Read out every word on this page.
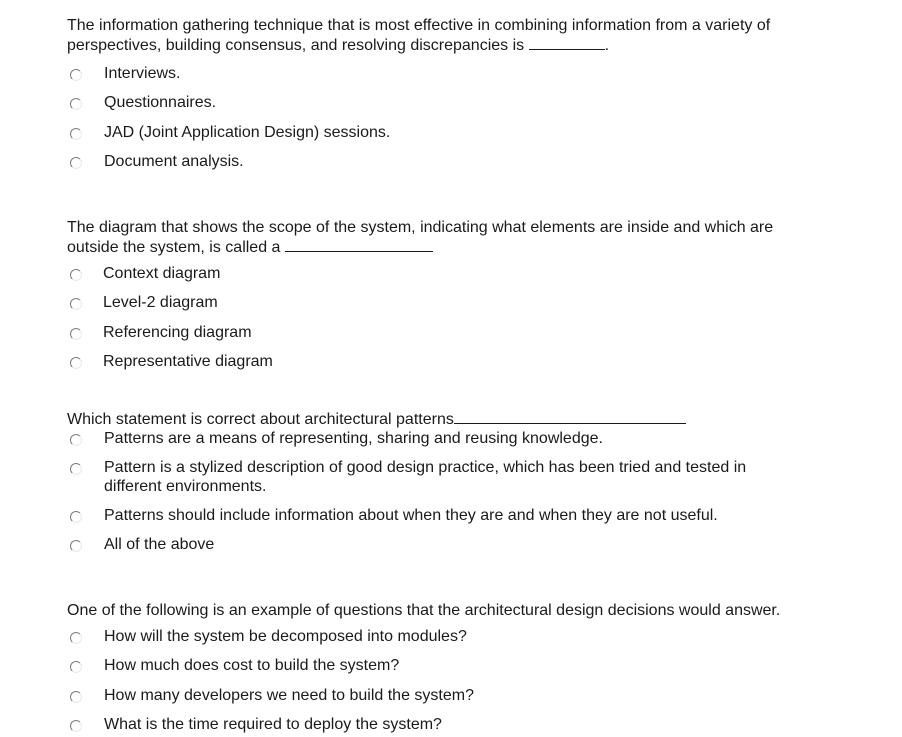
The information gathering technique that is most effective in combining information from a variety of
perspectives, building consensus, and resolving discrepancies is	.

Interviews.
Questionnaires.
JAD (Joint Application Design) sessions.
Document analysis.

The diagram that shows the scope of the system, indicating what elements are inside and which are
outside the system, is called a

Context diagram
Level-2 diagram
Referencing diagram
Representative diagram

Which statement is correct about architectural patterns

Patterns are a means of representing, sharing and reusing knowledge.
Pattern is a stylized description of good design practice, which has been tried and tested in different environments.
Patterns should include information about when they are and when they are not useful.
All of the above

One of the following is an example of questions that the architectural design decisions would answer.

How will the system be decomposed into modules?
How much does cost to build the system?
How many developers we need to build the system?
What is the time required to deploy the system?
